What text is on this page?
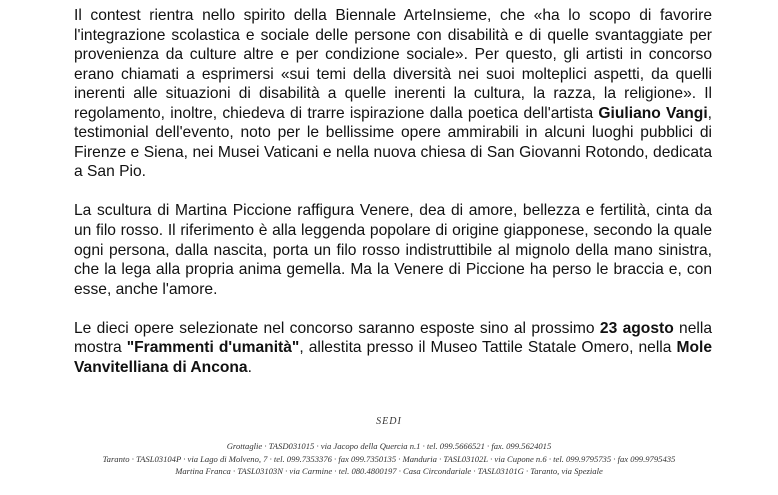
Il contest rientra nello spirito della Biennale ArteInsieme, che «ha lo scopo di favorire l'integrazione scolastica e sociale delle persone con disabilità e di quelle svantaggiate per provenienza da culture altre e per condizione sociale». Per questo, gli artisti in concorso erano chiamati a esprimersi «sui temi della diversità nei suoi molteplici aspetti, da quelli inerenti alle situazioni di disabilità a quelle inerenti la cultura, la razza, la religione». Il regolamento, inoltre, chiedeva di trarre ispirazione dalla poetica dell'artista Giuliano Vangi, testimonial dell'evento, noto per le bellissime opere ammirabili in alcuni luoghi pubblici di Firenze e Siena, nei Musei Vaticani e nella nuova chiesa di San Giovanni Rotondo, dedicata a San Pio.

La scultura di Martina Piccione raffigura Venere, dea di amore, bellezza e fertilità, cinta da un filo rosso. Il riferimento è alla leggenda popolare di origine giapponese, secondo la quale ogni persona, dalla nascita, porta un filo rosso indistruttibile al mignolo della mano sinistra, che la lega alla propria anima gemella. Ma la Venere di Piccione ha perso le braccia e, con esse, anche l'amore.

Le dieci opere selezionate nel concorso saranno esposte sino al prossimo 23 agosto nella mostra "Frammenti d'umanità", allestita presso il Museo Tattile Statale Omero, nella Mole Vanvitelliana di Ancona.

SEDI
Grottaglie · TASD031015 · via Jacopo della Quercia n.1 · tel. 099.5666521 · fax. 099.5624015
Taranto · TASL03104P · via Lago di Molveno, 7 · tel. 099.7353376 · fax 099.7350135 · Manduria · TASL03102L · via Cupone n.6 · tel. 099.9795735 · fax 099.9795435
Martina Franca · TASL03103N · via Carmine · tel. 080.4800197 · Casa Circondariale · TASL03101G · Taranto, via Speziale
